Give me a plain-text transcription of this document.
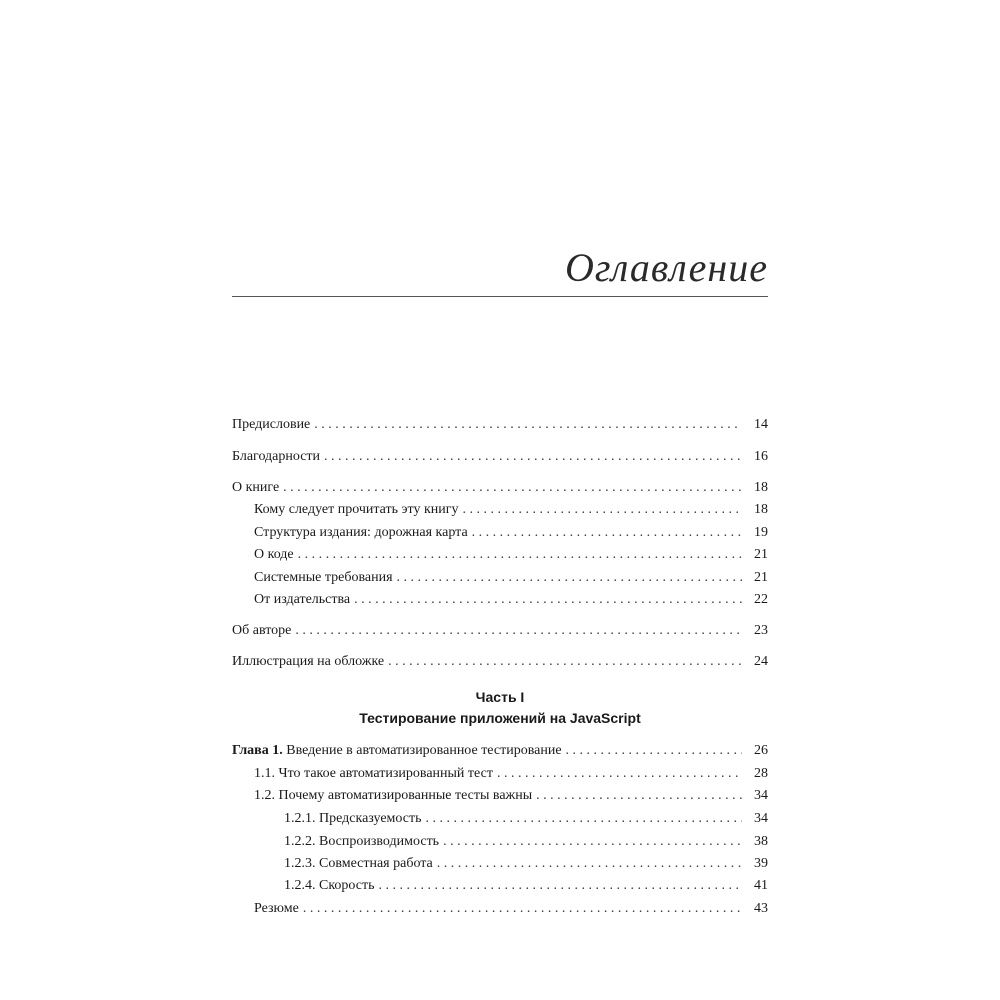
Оглавление
Предисловие . . .	14
Благодарности . . .	16
О книге . . .	18
Кому следует прочитать эту книгу . . .	18
Структура издания: дорожная карта . . .	19
О коде . . .	21
Системные требования . . .	21
От издательства . . .	22
Об авторе . . .	23
Иллюстрация на обложке . . .	24
Часть I
Тестирование приложений на JavaScript
Глава 1. Введение в автоматизированное тестирование . . .	26
1.1. Что такое автоматизированный тест . . .	28
1.2. Почему автоматизированные тесты важны . . .	34
1.2.1. Предсказуемость . . .	34
1.2.2. Воспроизводимость . . .	38
1.2.3. Совместная работа . . .	39
1.2.4. Скорость . . .	41
Резюме . . .	43
